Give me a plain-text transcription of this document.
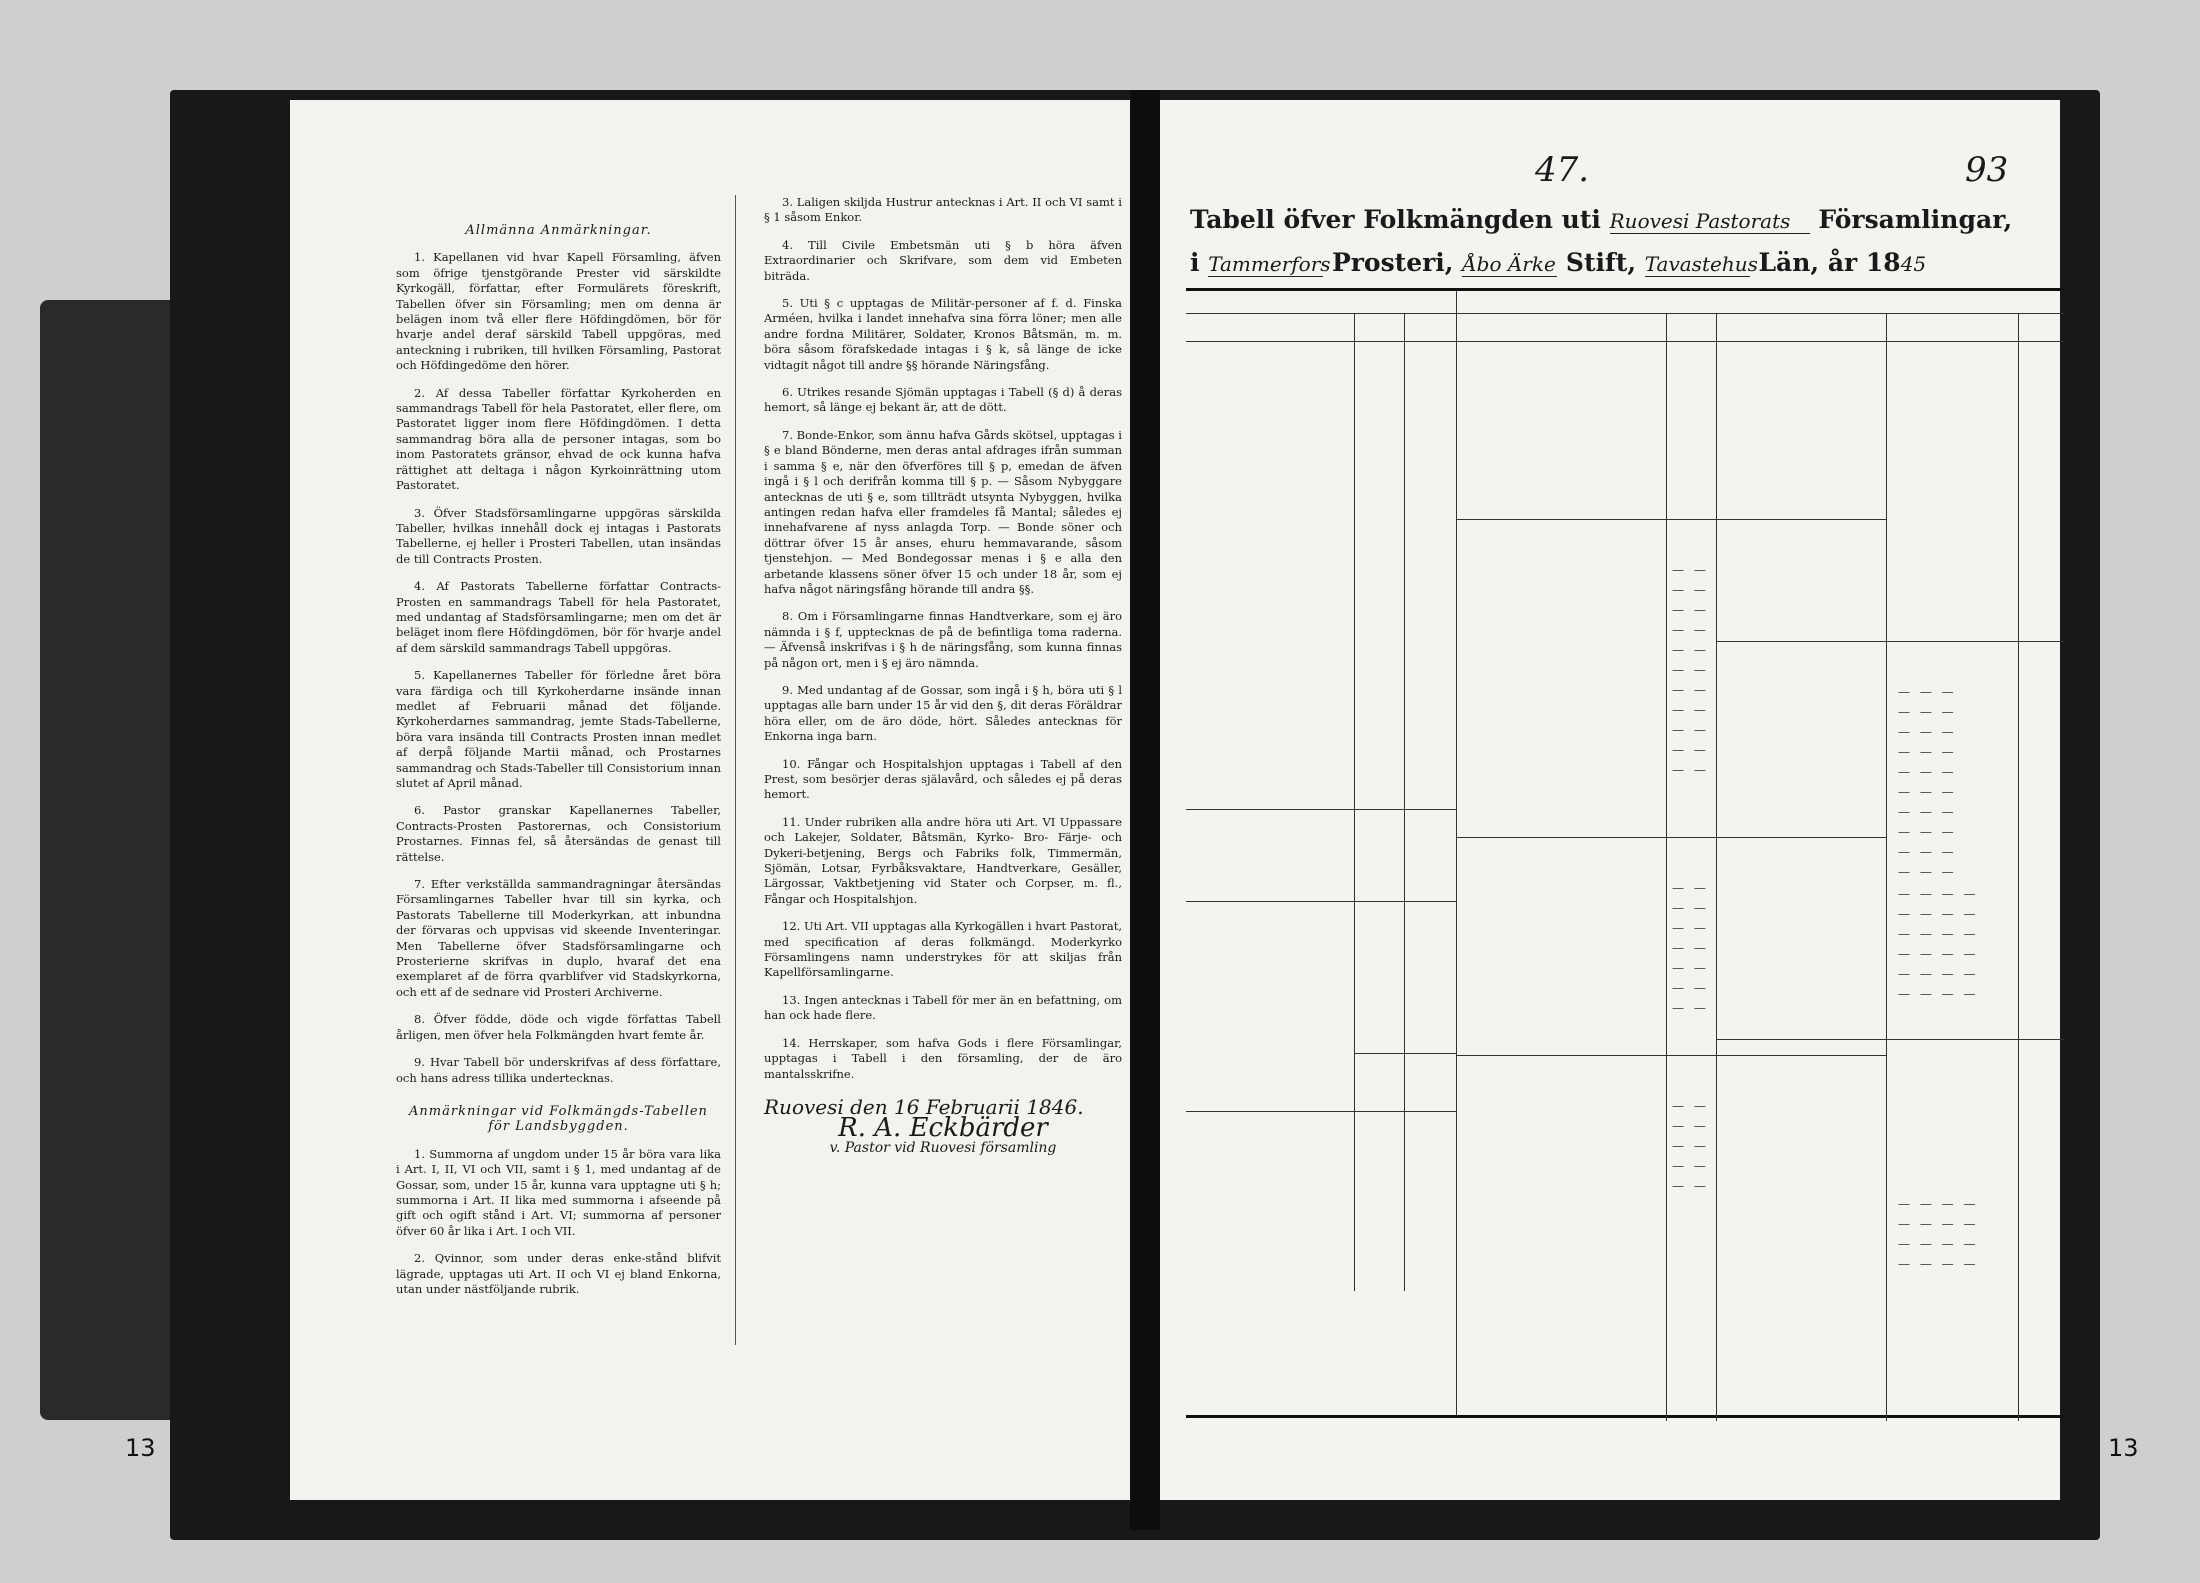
13	13
Allmänna Anmärkningar.
1. Kapellanen vid hvar Kapell Församling, äfven som öfrige tjenstgörande Prester vid särskildte Kyrkogäll, författar, efter Formulärets föreskrift, Tabellen öfver sin Församling; men om denna är belägen inom två eller flere Höfdingdömen, bör för hvarje andel deraf särskild Tabell uppgöras, med anteckning i rubriken, till hvilken Församling, Pastorat och Höfdingedöme den hörer.
2. Af dessa Tabeller författar Kyrkoherden en sammandrags Tabell för hela Pastoratet, eller flere, om Pastoratet ligger inom flere Höfdingdömen. I detta sammandrag böra alla de personer intagas, som bo inom Pastoratets gränsor, ehvad de ock kunna hafva rättighet att deltaga i någon Kyrkoinrättning utom Pastoratet.
3. Öfver Stadsförsamlingarne uppgöras särskilda Tabeller, hvilkas innehåll dock ej intagas i Pastorats Tabellerne, ej heller i Prosteri Tabellen, utan insändas de till Contracts Prosten.
4. Af Pastorats Tabellerne författar Contracts-Prosten en sammandrags Tabell för hela Pastoratet, med undantag af Stadsförsamlingarne; men om det är beläget inom flere Höfdingdömen, bör för hvarje andel af dem särskild sammandrags Tabell uppgöras.
5. Kapellanernes Tabeller för förledne året böra vara färdiga och till Kyrkoherdarne insände innan medlet af Februarii månad det följande. Kyrkoherdarnes sammandrag, jemte Stads-Tabellerne, böra vara insända till Contracts Prosten innan medlet af derpå följande Martii månad, och Prostarnes sammandrag och Stads-Tabeller till Consistorium innan slutet af April månad.
6. Pastor granskar Kapellanernes Tabeller, Contracts-Prosten Pastorernas, och Consistorium Prostarnes. Finnas fel, så återsändas de genast till rättelse.
7. Efter verkställda sammandragningar återsändas Församlingarnes Tabeller hvar till sin kyrka, och Pastorats Tabellerne till Moderkyrkan, att inbundna der förvaras och uppvisas vid skeende Inventeringar. Men Tabellerne öfver Stadsförsamlingarne och Prosterierne skrifvas in duplo, hvaraf det ena exemplaret af de förra qvarblifver vid Stadskyrkorna, och ett af de sednare vid Prosteri Archiverne.
8. Öfver födde, döde och vigde författas Tabell årligen, men öfver hela Folkmängden hvart femte år.
9. Hvar Tabell bör underskrifvas af dess författare, och hans adress tillika undertecknas.
Anmärkningar vid Folkmängds-Tabellen för Landsbyggden.
1. Summorna af ungdom under 15 år böra vara lika i Art. I, II, VI och VII, samt i § 1, med undantag af de Gossar, som, under 15 år, kunna vara upptagne uti § h; summorna i Art. II lika med summorna i afseende på gift och ogift stånd i Art. VI; summorna af personer öfver 60 år lika i Art. I och VII.
2. Qvinnor, som under deras enke-stånd blifvit lägrade, upptagas uti Art. II och VI ej bland Enkorna, utan under nästföljande rubrik.
3. Laligen skiljda Hustrur antecknas i Art. II och VI samt i § 1 såsom Enkor.
4. Till Civile Embetsmän uti § b höra äfven Extraordinarier och Skrifvare, som dem vid Embeten biträda.
5. Uti § c upptagas de Militär-personer af f. d. Finska Arméen, hvilka i landet innehafva sina förra löner; men alle andre fordna Militärer, Soldater, Kronos Båtsmän, m. m. böra såsom förafskedade intagas i § k, så länge de icke vidtagit något till andre §§ hörande Näringsfång.
6. Utrikes resande Sjömän upptagas i Tabell (§ d) å deras hemort, så länge ej bekant är, att de dött.
7. Bonde-Enkor, som ännu hafva Gårds skötsel, upptagas i § e bland Bönderne, men deras antal afdrages ifrån summan i samma § e, när den öfverföres till § p, emedan de äfven ingå i § l och derifrån komma till § p. — Såsom Nybyggare antecknas de uti § e, som tillträdt utsynta Nybyggen, hvilka antingen redan hafva eller framdeles få Mantal; således ej innehafvarene af nyss anlagda Torp. — Bonde söner och döttrar öfver 15 år anses, ehuru hemmavarande, såsom tjenstehjon. — Med Bondegossar menas i § e alla den arbetande klassens söner öfver 15 och under 18 år, som ej hafva något näringsfång hörande till andra §§.
8. Om i Församlingarne finnas Handtverkare, som ej äro nämnda i § f, upptecknas de på de befintliga toma raderna. — Äfvenså inskrifvas i § h de näringsfång, som kunna finnas på någon ort, men i § ej äro nämnda.
9. Med undantag af de Gossar, som ingå i § h, böra uti § l upptagas alle barn under 15 år vid den §, dit deras Föräldrar höra eller, om de äro döde, hört. Således antecknas för Enkorna inga barn.
10. Fångar och Hospitalshjon upptagas i Tabell af den Prest, som besörjer deras själavård, och således ej på deras hemort.
11. Under rubriken alla andre höra uti Art. VI Uppassare och Lakejer, Soldater, Båtsmän, Kyrko- Bro- Färje- och Dykeri-betjening, Bergs och Fabriks folk, Timmermän, Sjömän, Lotsar, Fyrbåksvaktare, Handtverkare, Gesäller, Lärgossar, Vaktbetjening vid Stater och Corpser, m. fl., Fångar och Hospitalshjon.
12. Uti Art. VII upptagas alla Kyrkogällen i hvart Pastorat, med specification af deras folkmängd. Moderkyrko Församlingens namn understrykes för att skiljas från Kapellförsamlingarne.
13. Ingen antecknas i Tabell för mer än en befattning, om han ock hade flere.
14. Herrskaper, som hafva Gods i flere Församlingar, upptagas i Tabell i den församling, der de äro mantalsskrifne.
Ruovesi den 16 Februarii 1846.
R. A. Eckbärder
v. Pastor vid Ruovesi församling
47.	93
Tabell öfver Folkmängden uti Ruovesi Pastorats Församlingar,
i Tammerfors Prosteri, Åbo Ärke Stift, Tavastehus Län, år 1845
— —
— —
— —
— —
— —
— —
— —
— —
— —
— —
— —
— —
— —
— —
— —
— —
— —
— —
— —
— —
— —
— —
— —
— — —
— — —
— — —
— — —
— — —
— — —
— — —
— — —
— — —
— — —
— — — —
— — — —
— — — —
— — — —
— — — —
— — — —
— — — —
— — — —
— — — —
— — — —
